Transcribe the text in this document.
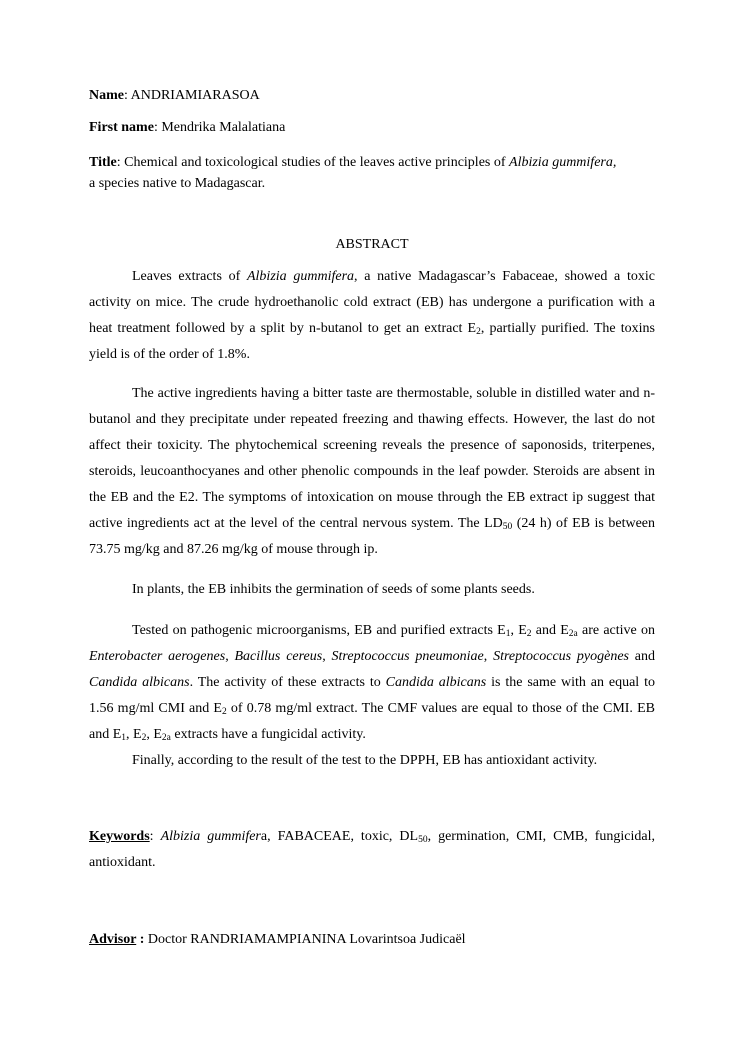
Name: ANDRIAMIARASOA
First name: Mendrika Malalatiana
Title: Chemical and toxicological studies of the leaves active principles of Albizia gummifera,
a species native to Madagascar.
ABSTRACT
Leaves extracts of Albizia gummifera, a native Madagascar’s Fabaceae, showed a toxic activity on mice. The crude hydroethanolic cold extract (EB) has undergone a purification with a heat treatment followed by a split by n-butanol to get an extract $E_2$, partially purified. The toxins yield is of the order of 1.8%.
The active ingredients having a bitter taste are thermostable, soluble in distilled water and n-butanol and they precipitate under repeated freezing and thawing effects. However, the last do not affect their toxicity. The phytochemical screening reveals the presence of saponosids, triterpenes, steroids, leucoanthocyanes and other phenolic compounds in the leaf powder. Steroids are absent in the EB and the E2. The symptoms of intoxication on mouse through the EB extract ip suggest that active ingredients act at the level of the central nervous system. The $LD_{50}$ (24 h) of EB is between 73.75 mg/kg and 87.26 mg/kg of mouse through ip.
In plants, the EB inhibits the germination of seeds of some plants seeds.
Tested on pathogenic microorganisms, EB and purified extracts $E_1$, $E_2$ and $E_{2a}$ are active on Enterobacter aerogenes, Bacillus cereus, Streptococcus pneumoniae, Streptococcus pyogènes and Candida albicans. The activity of these extracts to Candida albicans is the same with an equal to 1.56 mg/ml CMI and $E_2$ of 0.78 mg/ml extract. The CMF values are equal to those of the CMI. EB and $E_1$, $E_2$, $E_{2a}$ extracts have a fungicidal activity.
Finally, according to the result of the test to the DPPH, EB has antioxidant activity.
Keywords: Albizia gummifera, FABACEAE, toxic, $DL_{50}$, germination, CMI, CMB, fungicidal, antioxidant.
Advisor : Doctor RANDRIAMAMPIANINA Lovarintsoa Judicaël
